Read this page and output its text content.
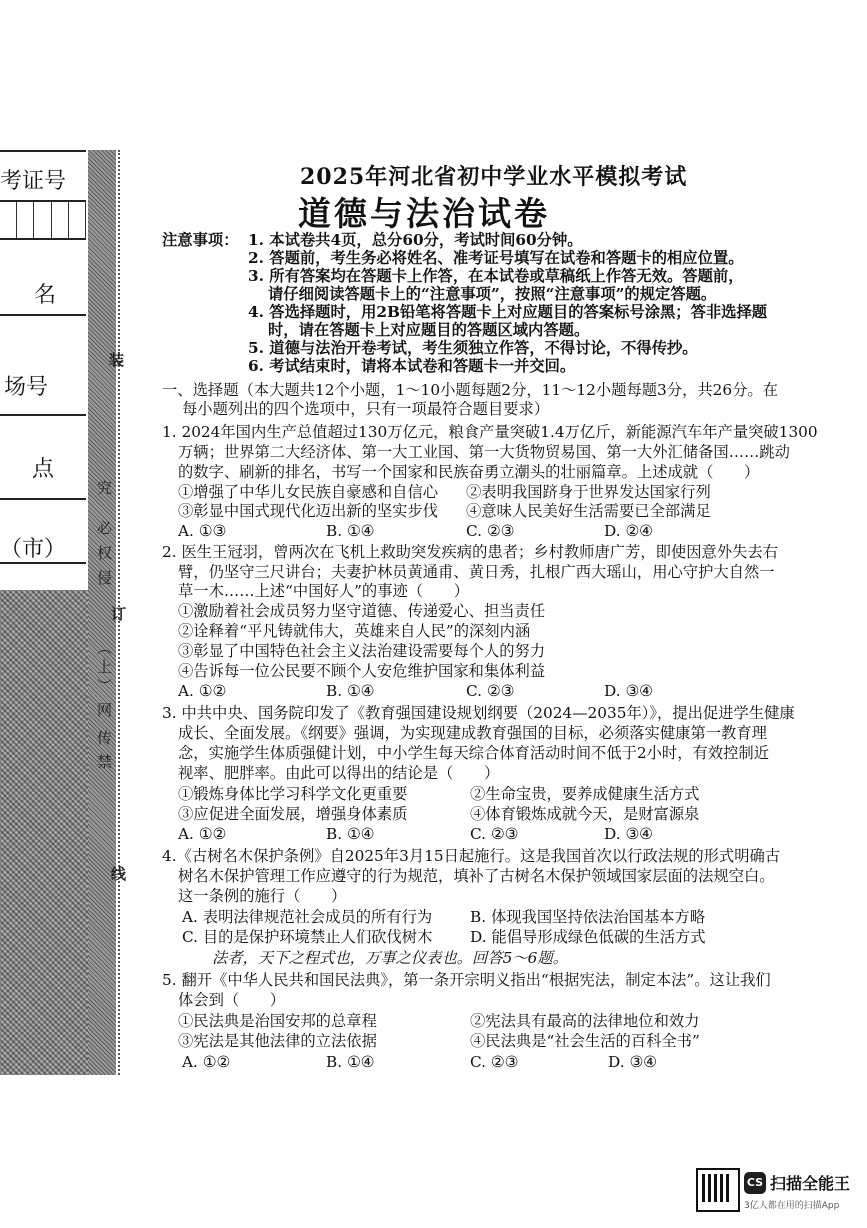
考证号
名
场号
点
（市）
装
究
必
权
侵
订
（上）
网
传
禁
线
2025年河北省初中学业水平模拟考试
道德与法治试卷
注意事项： 1. 本试卷共4页，总分60分，考试时间60分钟。
2. 答题前，考生务必将姓名、准考证号填写在试卷和答题卡的相应位置。
3. 所有答案均在答题卡上作答，在本试卷或草稿纸上作答无效。答题前，
请仔细阅读答题卡上的“注意事项”，按照“注意事项”的规定答题。
4. 答选择题时，用2B铅笔将答题卡上对应题目的答案标号涂黑；答非选择题
时，请在答题卡上对应题目的答题区域内答题。
5. 道德与法治开卷考试，考生须独立作答，不得讨论，不得传抄。
6. 考试结束时，请将本试卷和答题卡一并交回。
一、选择题（本大题共12个小题，1～10小题每题2分，11～12小题每题3分，共26分。在
每小题列出的四个选项中，只有一项最符合题目要求）
1. 2024年国内生产总值超过130万亿元，粮食产量突破1.4万亿斤，新能源汽车年产量突破1300
万辆；世界第二大经济体、第一大工业国、第一大货物贸易国、第一大外汇储备国……跳动
的数字、刷新的排名，书写一个国家和民族奋勇立潮头的壮丽篇章。上述成就（　　）
①增强了中华儿女民族自豪感和自信心 ②表明我国跻身于世界发达国家行列
③彰显中国式现代化迈出新的坚实步伐 ④意味人民美好生活需要已全部满足
A. ①③	B. ①④	C. ②③	D. ②④
2. 医生王冠羽，曾两次在飞机上救助突发疾病的患者；乡村教师唐广芳，即使因意外失去右
臂，仍坚守三尺讲台；夫妻护林员黄通甫、黄日秀，扎根广西大瑶山，用心守护大自然一
草一木……上述“中国好人”的事迹（　　）
①激励着社会成员努力坚守道德、传递爱心、担当责任
②诠释着“平凡铸就伟大，英雄来自人民”的深刻内涵
③彰显了中国特色社会主义法治建设需要每个人的努力
④告诉每一位公民要不顾个人安危维护国家和集体利益
A. ①②	B. ①④	C. ②③	D. ③④
3. 中共中央、国务院印发了《教育强国建设规划纲要（2024—2035年）》，提出促进学生健康
成长、全面发展。《纲要》强调，为实现建成教育强国的目标，必须落实健康第一教育理
念，实施学生体质强健计划，中小学生每天综合体育活动时间不低于2小时，有效控制近
视率、肥胖率。由此可以得出的结论是（　　）
①锻炼身体比学习科学文化更重要	②生命宝贵，要养成健康生活方式
③应促进全面发展，增强身体素质	④体育锻炼成就今天，是财富源泉
A. ①②	B. ①④	C. ②③	D. ③④
4.《古树名木保护条例》自2025年3月15日起施行。这是我国首次以行政法规的形式明确古
树名木保护管理工作应遵守的行为规范，填补了古树名木保护领域国家层面的法规空白。
这一条例的施行（　　）
A. 表明法律规范社会成员的所有行为 B. 体现我国坚持依法治国基本方略
C. 目的是保护环境禁止人们砍伐树木 D. 能倡导形成绿色低碳的生活方式
法者，天下之程式也，万事之仪表也。回答5～6题。
5. 翻开《中华人民共和国民法典》，第一条开宗明义指出“根据宪法，制定本法”。这让我们
体会到（　　）
①民法典是治国安邦的总章程	②宪法具有最高的法律地位和效力
③宪法是其他法律的立法依据	④民法典是“社会生活的百科全书”
A. ①②	B. ①④	C. ②③	D. ③④
CS 扫描全能王
3亿人都在用的扫描App
